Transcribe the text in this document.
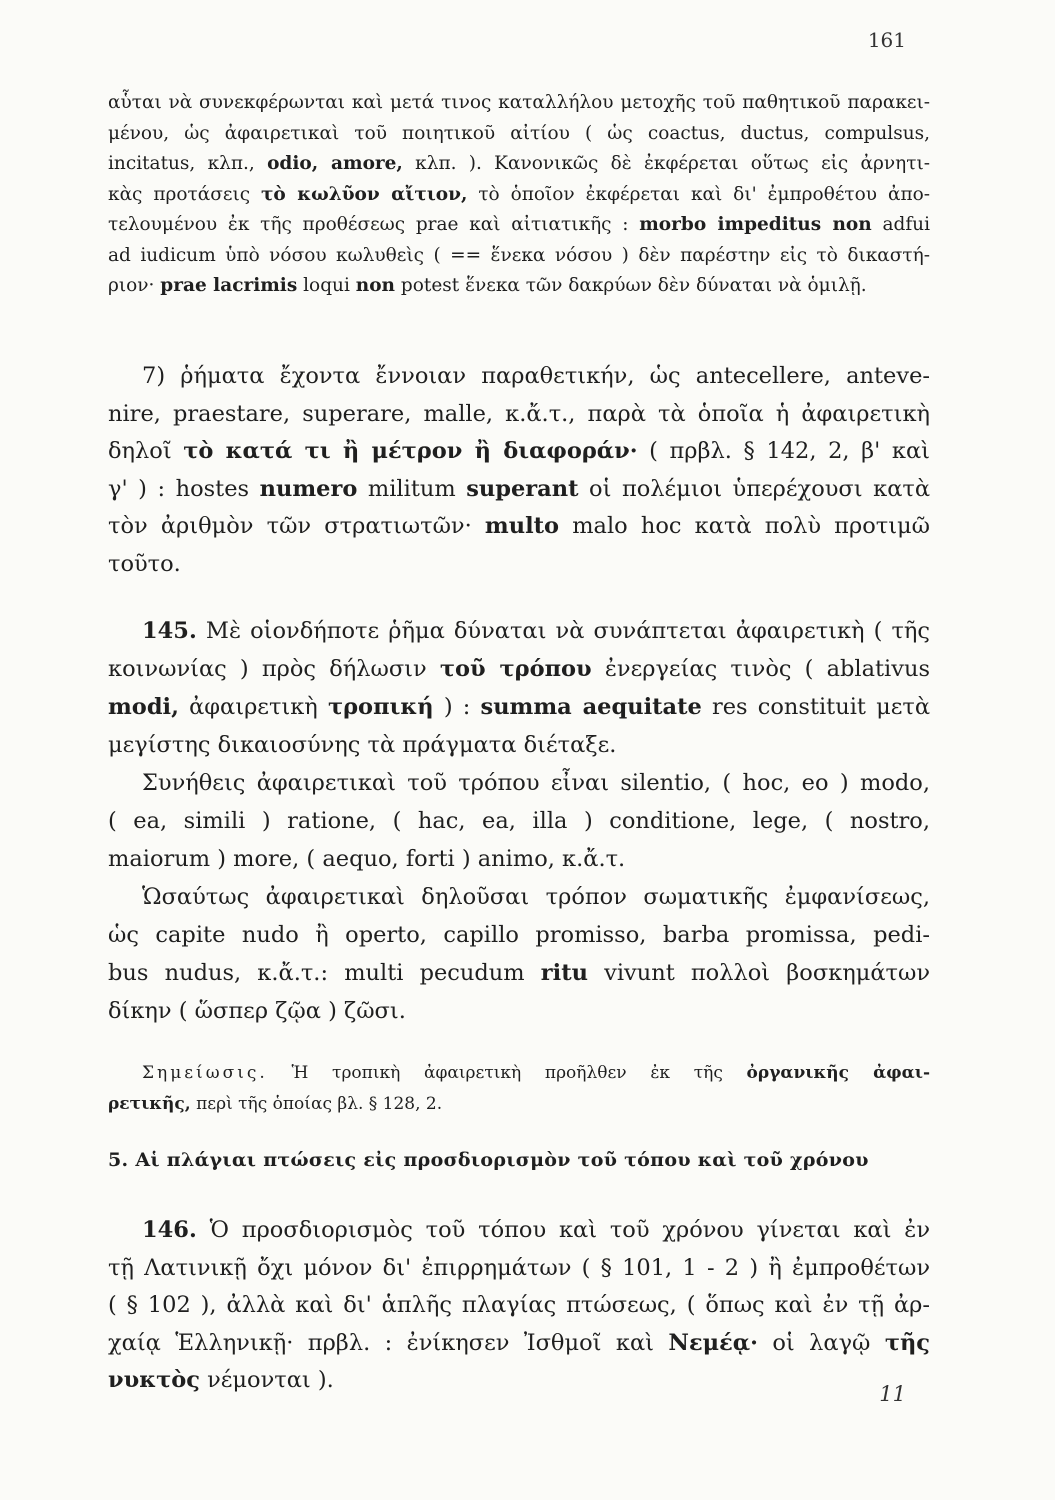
161
αὗται νὰ συνεκφέρωνται καὶ μετά τινος καταλλήλου μετοχῆς τοῦ παθητικοῦ παρακει-
μένου, ὡς ἀφαιρετικαὶ τοῦ ποιητικοῦ αἰτίου ( ὡς coactus, ductus, compulsus,
incitatus, κλπ., odio, amore, κλπ. ). Κανονικῶς δὲ ἐκφέρεται οὕτως εἰς ἀρνητι-
κὰς προτάσεις τὸ κωλῦον αἴτιον, τὸ ὁποῖον ἐκφέρεται καὶ δι' ἐμπροθέτου ἀπο-
τελουμένου ἐκ τῆς προθέσεως prae καὶ αἰτιατικῆς : morbo impeditus non adfui
ad iudicum ὑπὸ νόσου κωλυθεὶς ( == ἕνεκα νόσου ) δὲν παρέστην εἰς τὸ δικαστή-
ριον· prae lacrimis loqui non potest ἕνεκα τῶν δακρύων δὲν δύναται νὰ ὁμιλῇ.
7) ῥήματα ἔχοντα ἔννοιαν παραθετικήν, ὡς antecellere, anteve-
nire, praestare, superare, malle, κ.ἄ.τ., παρὰ τὰ ὁποῖα ἡ ἀφαιρετικὴ
δηλοῖ τὸ κατά τι ἢ μέτρον ἢ διαφοράν· ( πρβλ. § 142, 2, β' καὶ
γ' ) : hostes numero militum superant οἱ πολέμιοι ὑπερέχουσι κατὰ
τὸν ἀριθμὸν τῶν στρατιωτῶν· multo malo hoc κατὰ πολὺ προτιμῶ
τοῦτο.
145. Μὲ οἱονδήποτε ῥῆμα δύναται νὰ συνάπτεται ἀφαιρετικὴ ( τῆς
κοινωνίας ) πρὸς δήλωσιν τοῦ τρόπου ἐνεργείας τινὸς ( ablativus
modi, ἀφαιρετικὴ τροπική ) : summa aequitate res constituit μετὰ
μεγίστης δικαιοσύνης τὰ πράγματα διέταξε.
Συνήθεις ἀφαιρετικαὶ τοῦ τρόπου εἶναι silentio, ( hoc, eo ) modo,
( ea, simili ) ratione, ( hac, ea, illa ) conditione, lege, ( nostro,
maiorum ) more, ( aequo, forti ) animo, κ.ἄ.τ.
Ὡσαύτως ἀφαιρετικαὶ δηλοῦσαι τρόπον σωματικῆς ἐμφανίσεως,
ὡς capite nudo ἢ operto, capillo promisso, barba promissa, pedi-
bus nudus, κ.ἄ.τ.: multi pecudum ritu vivunt πολλοὶ βοσκημάτων
δίκην ( ὥσπερ ζῷα ) ζῶσι.
Σημείωσις. Ἡ τροπικὴ ἀφαιρετικὴ προῆλθεν ἐκ τῆς ὀργανικῆς ἀφαι-
ρετικῆς, περὶ τῆς ὁποίας βλ. § 128, 2.
5. Αἱ πλάγιαι πτώσεις εἰς προσδιορισμὸν τοῦ τόπου καὶ τοῦ χρόνου
146. Ὁ προσδιορισμὸς τοῦ τόπου καὶ τοῦ χρόνου γίνεται καὶ ἐν
τῇ Λατινικῇ ὄχι μόνον δι' ἐπιρρημάτων ( § 101, 1 - 2 ) ἢ ἐμπροθέτων
( § 102 ), ἀλλὰ καὶ δι' ἁπλῆς πλαγίας πτώσεως, ( ὅπως καὶ ἐν τῇ ἀρ-
χαίᾳ Ἑλληνικῇ· πρβλ. : ἐνίκησεν Ἰσθμοῖ καὶ Νεμέᾳ· οἱ λαγῷ τῆς
νυκτὸς νέμονται ).
11
